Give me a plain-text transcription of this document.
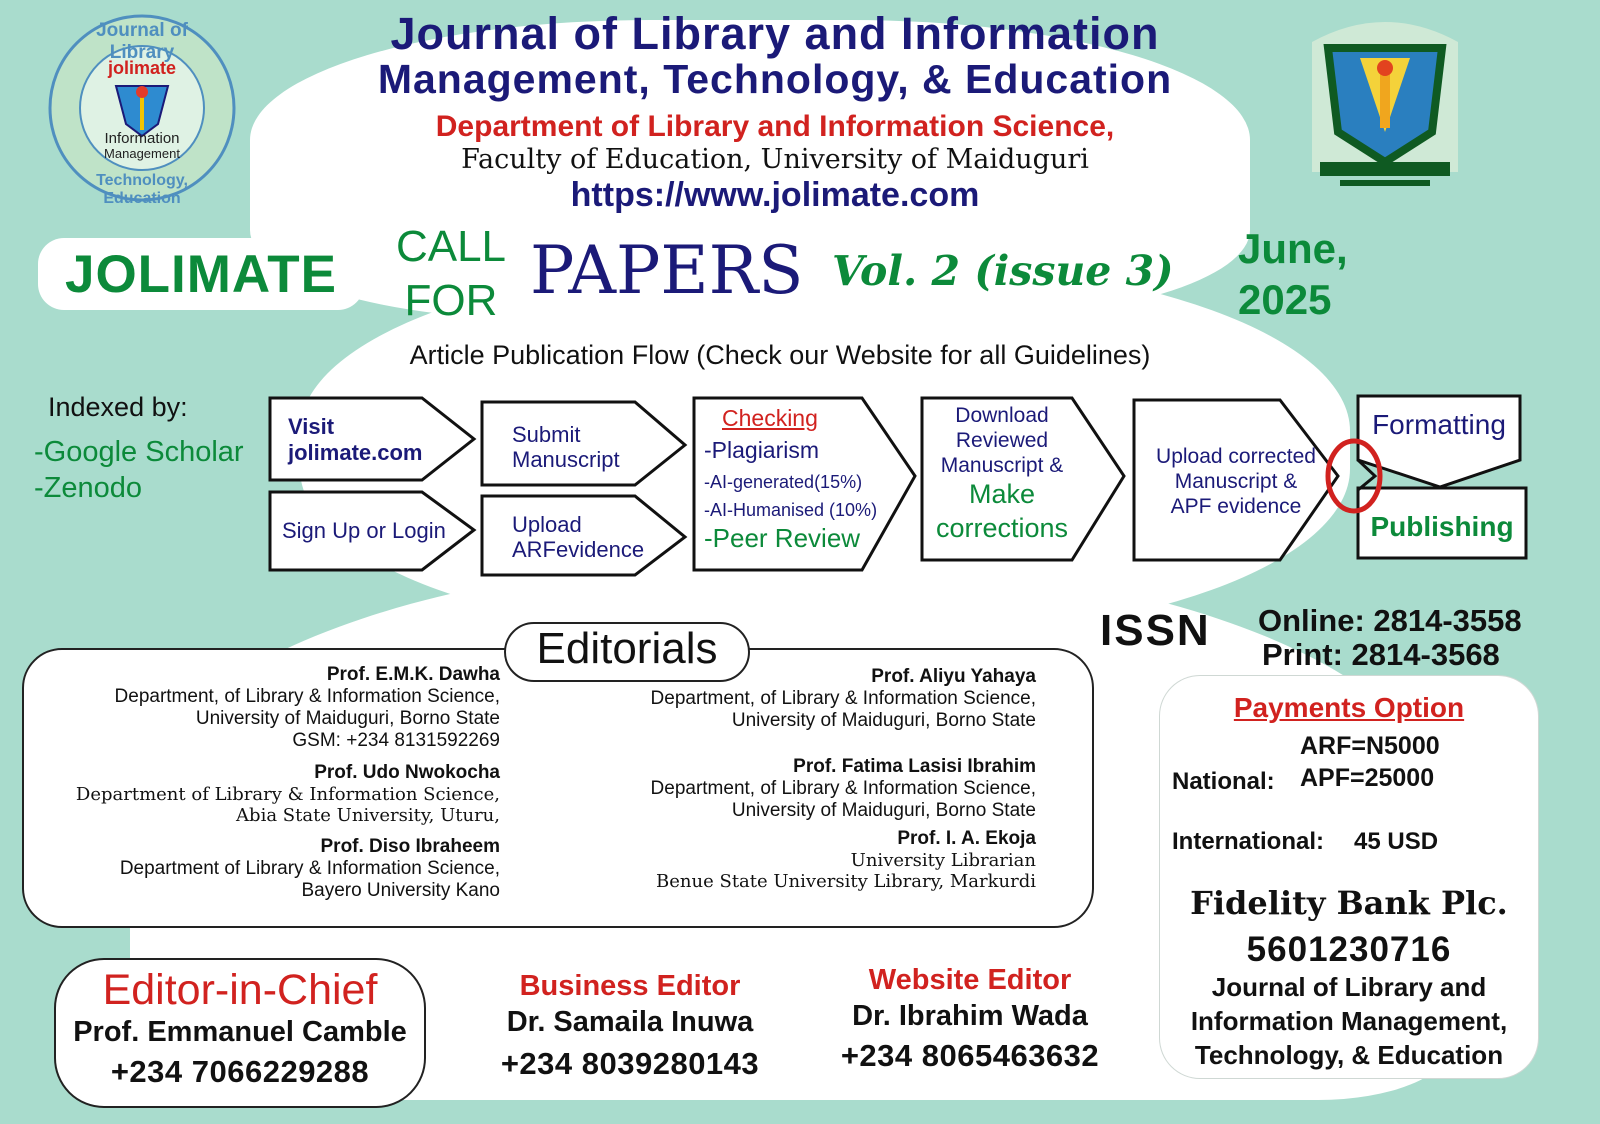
Journal of Library
jolimate
Information
Management
Technology, Education
Journal of Library and Information
Management, Technology, & Education
Department of Library and Information Science,
Faculty of Education, University of Maiduguri
https://www.jolimate.com
JOLIMATE	CALL
FOR PAPERS Vol. 2 (issue 3) June,
2025
Article Publication Flow (Check our Website for all Guidelines)
Indexed by:
-Google Scholar
-Zenodo
Visit
jolimate.com
Sign Up or Login
Submit
Manuscript
Upload
ARFevidence
Checking
-Plagiarism
-AI-generated(15%)
-AI-Humanised (10%)
-Peer Review
Download
Reviewed
Manuscript &
Make
corrections
Upload corrected
Manuscript &
APF evidence
Formatting
Publishing
ISSN Online: 2814-3558
Print: 2814-3568
Editorials
Prof. E.M.K. Dawha
Department, of Library & Information Science,
University of Maiduguri, Borno State
GSM: +234 8131592269
Prof. Udo Nwokocha
Department of Library & Information Science,
Abia State University, Uturu,
Prof. Diso Ibraheem
Department of Library & Information Science,
Bayero University Kano
Prof. Aliyu Yahaya
Department, of Library & Information Science,
University of Maiduguri, Borno State
Prof. Fatima Lasisi Ibrahim
Department, of Library & Information Science,
University of Maiduguri, Borno State
Prof. I. A. Ekoja
University Librarian
Benue State University Library, Markurdi
Payments Option
ARF=N5000
National: APF=25000
International: 45 USD
Fidelity Bank Plc.
5601230716
Journal of Library and
Information Management,
Technology, & Education
Editor-in-Chief
Prof. Emmanuel Camble
+234 7066229288
Business Editor
Dr. Samaila Inuwa
+234 8039280143
Website Editor
Dr. Ibrahim Wada
+234 8065463632
